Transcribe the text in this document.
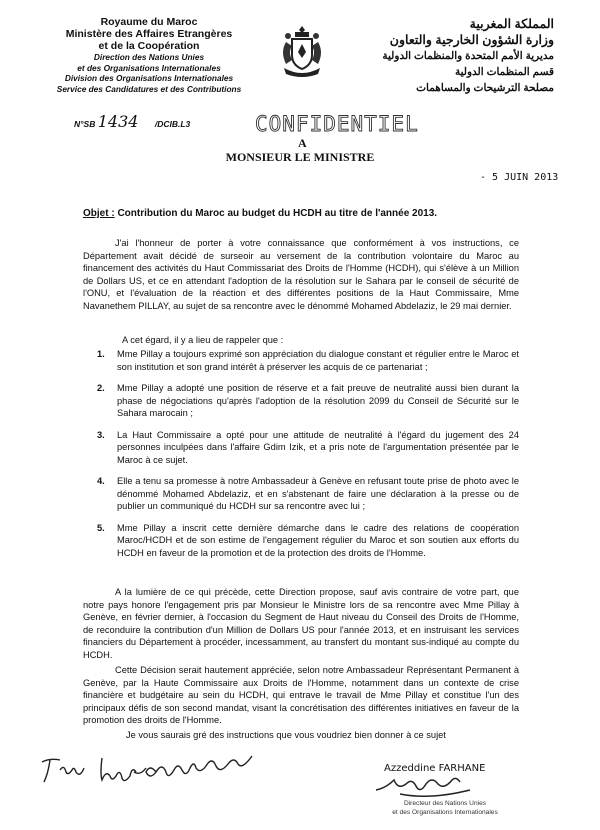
Royaume du Maroc
Ministère des Affaires Etrangères
et de la Coopération
Direction des Nations Unies
et des Organisations Internationales
Division des Organisations Internationales
Service des Candidatures et des Contributions
N°SB 1434 /DCIB.L3
المملكة المغربية
وزارة الشؤون الخارجية والتعاون
مديرية الأمم المتحدة والمنظمات الدولية
قسم المنظمات الدولية
مصلحة الترشيحات والمساهمات
CONFIDENTIEL
A
MONSIEUR LE MINISTRE
- 5 JUIN 2013
Objet : Contribution du Maroc au budget du HCDH au titre de l'année 2013.
J'ai l'honneur de porter à votre connaissance que conformément à vos instructions, ce Département avait décidé de surseoir au versement de la contribution volontaire du Maroc au financement des activités du Haut Commissariat des Droits de l'Homme (HCDH), qui s'élève à un Million de Dollars US, et ce en attendant l'adoption de la résolution sur le Sahara par le conseil de sécurité de l'ONU, et l'évaluation de la réaction et des différentes positions de la Haut Commissaire, Mme Navanethem PILLAY, au sujet de sa rencontre avec le dénommé Mohamed Abdelaziz, le 29 mai dernier.
A cet égard, il y a lieu de rappeler que :
1. Mme Pillay a toujours exprimé son appréciation du dialogue constant et régulier entre le Maroc et son institution et son grand intérêt à préserver les acquis de ce partenariat ;
2. Mme Pillay a adopté une position de réserve et a fait preuve de neutralité aussi bien durant la phase de négociations qu'après l'adoption de la résolution 2099 du Conseil de Sécurité sur le Sahara marocain ;
3. La Haut Commissaire a opté pour une attitude de neutralité à l'égard du jugement des 24 personnes inculpées dans l'affaire Gdim Izik, et a pris note de l'argumentation présentée par le Maroc à ce sujet.
4. Elle a tenu sa promesse à notre Ambassadeur à Genève en refusant toute prise de photo avec le dénommé Mohamed Abdelaziz, et en s'abstenant de faire une déclaration à la presse ou de publier un communiqué du HCDH sur sa rencontre avec lui ;
5. Mme Pillay a inscrit cette dernière démarche dans le cadre des relations de coopération Maroc/HCDH et de son estime de l'engagement régulier du Maroc et son soutien aux efforts du HCDH en faveur de la promotion et de la protection des droits de l'Homme.
A la lumière de ce qui précède, cette Direction propose, sauf avis contraire de votre part, que notre pays honore l'engagement pris par Monsieur le Ministre lors de sa rencontre avec Mme Pillay à Genève, en février dernier, à l'occasion du Segment de Haut niveau du Conseil des Droits de l'Homme, de reconduire la contribution d'un Million de Dollars US pour l'année 2013, et en instruisant les services financiers du Département à procéder, incessamment, au transfert du montant sus-indiqué au compte du HCDH.
Cette Décision serait hautement appréciée, selon notre Ambassadeur Représentant Permanent à Genève, par la Haute Commissaire aux Droits de l'Homme, notamment dans un contexte de crise financière et budgétaire au sein du HCDH, qui entrave le travail de Mme Pillay et constitue l'un des principaux défis de son second mandat, visant la concrétisation des différentes initiatives en faveur de la promotion des droits de l'Homme.
Je vous saurais gré des instructions que vous voudriez bien donner à ce sujet
Azzeddine FARHANE
Directeur des Nations Unies
et des Organisations Internationales
